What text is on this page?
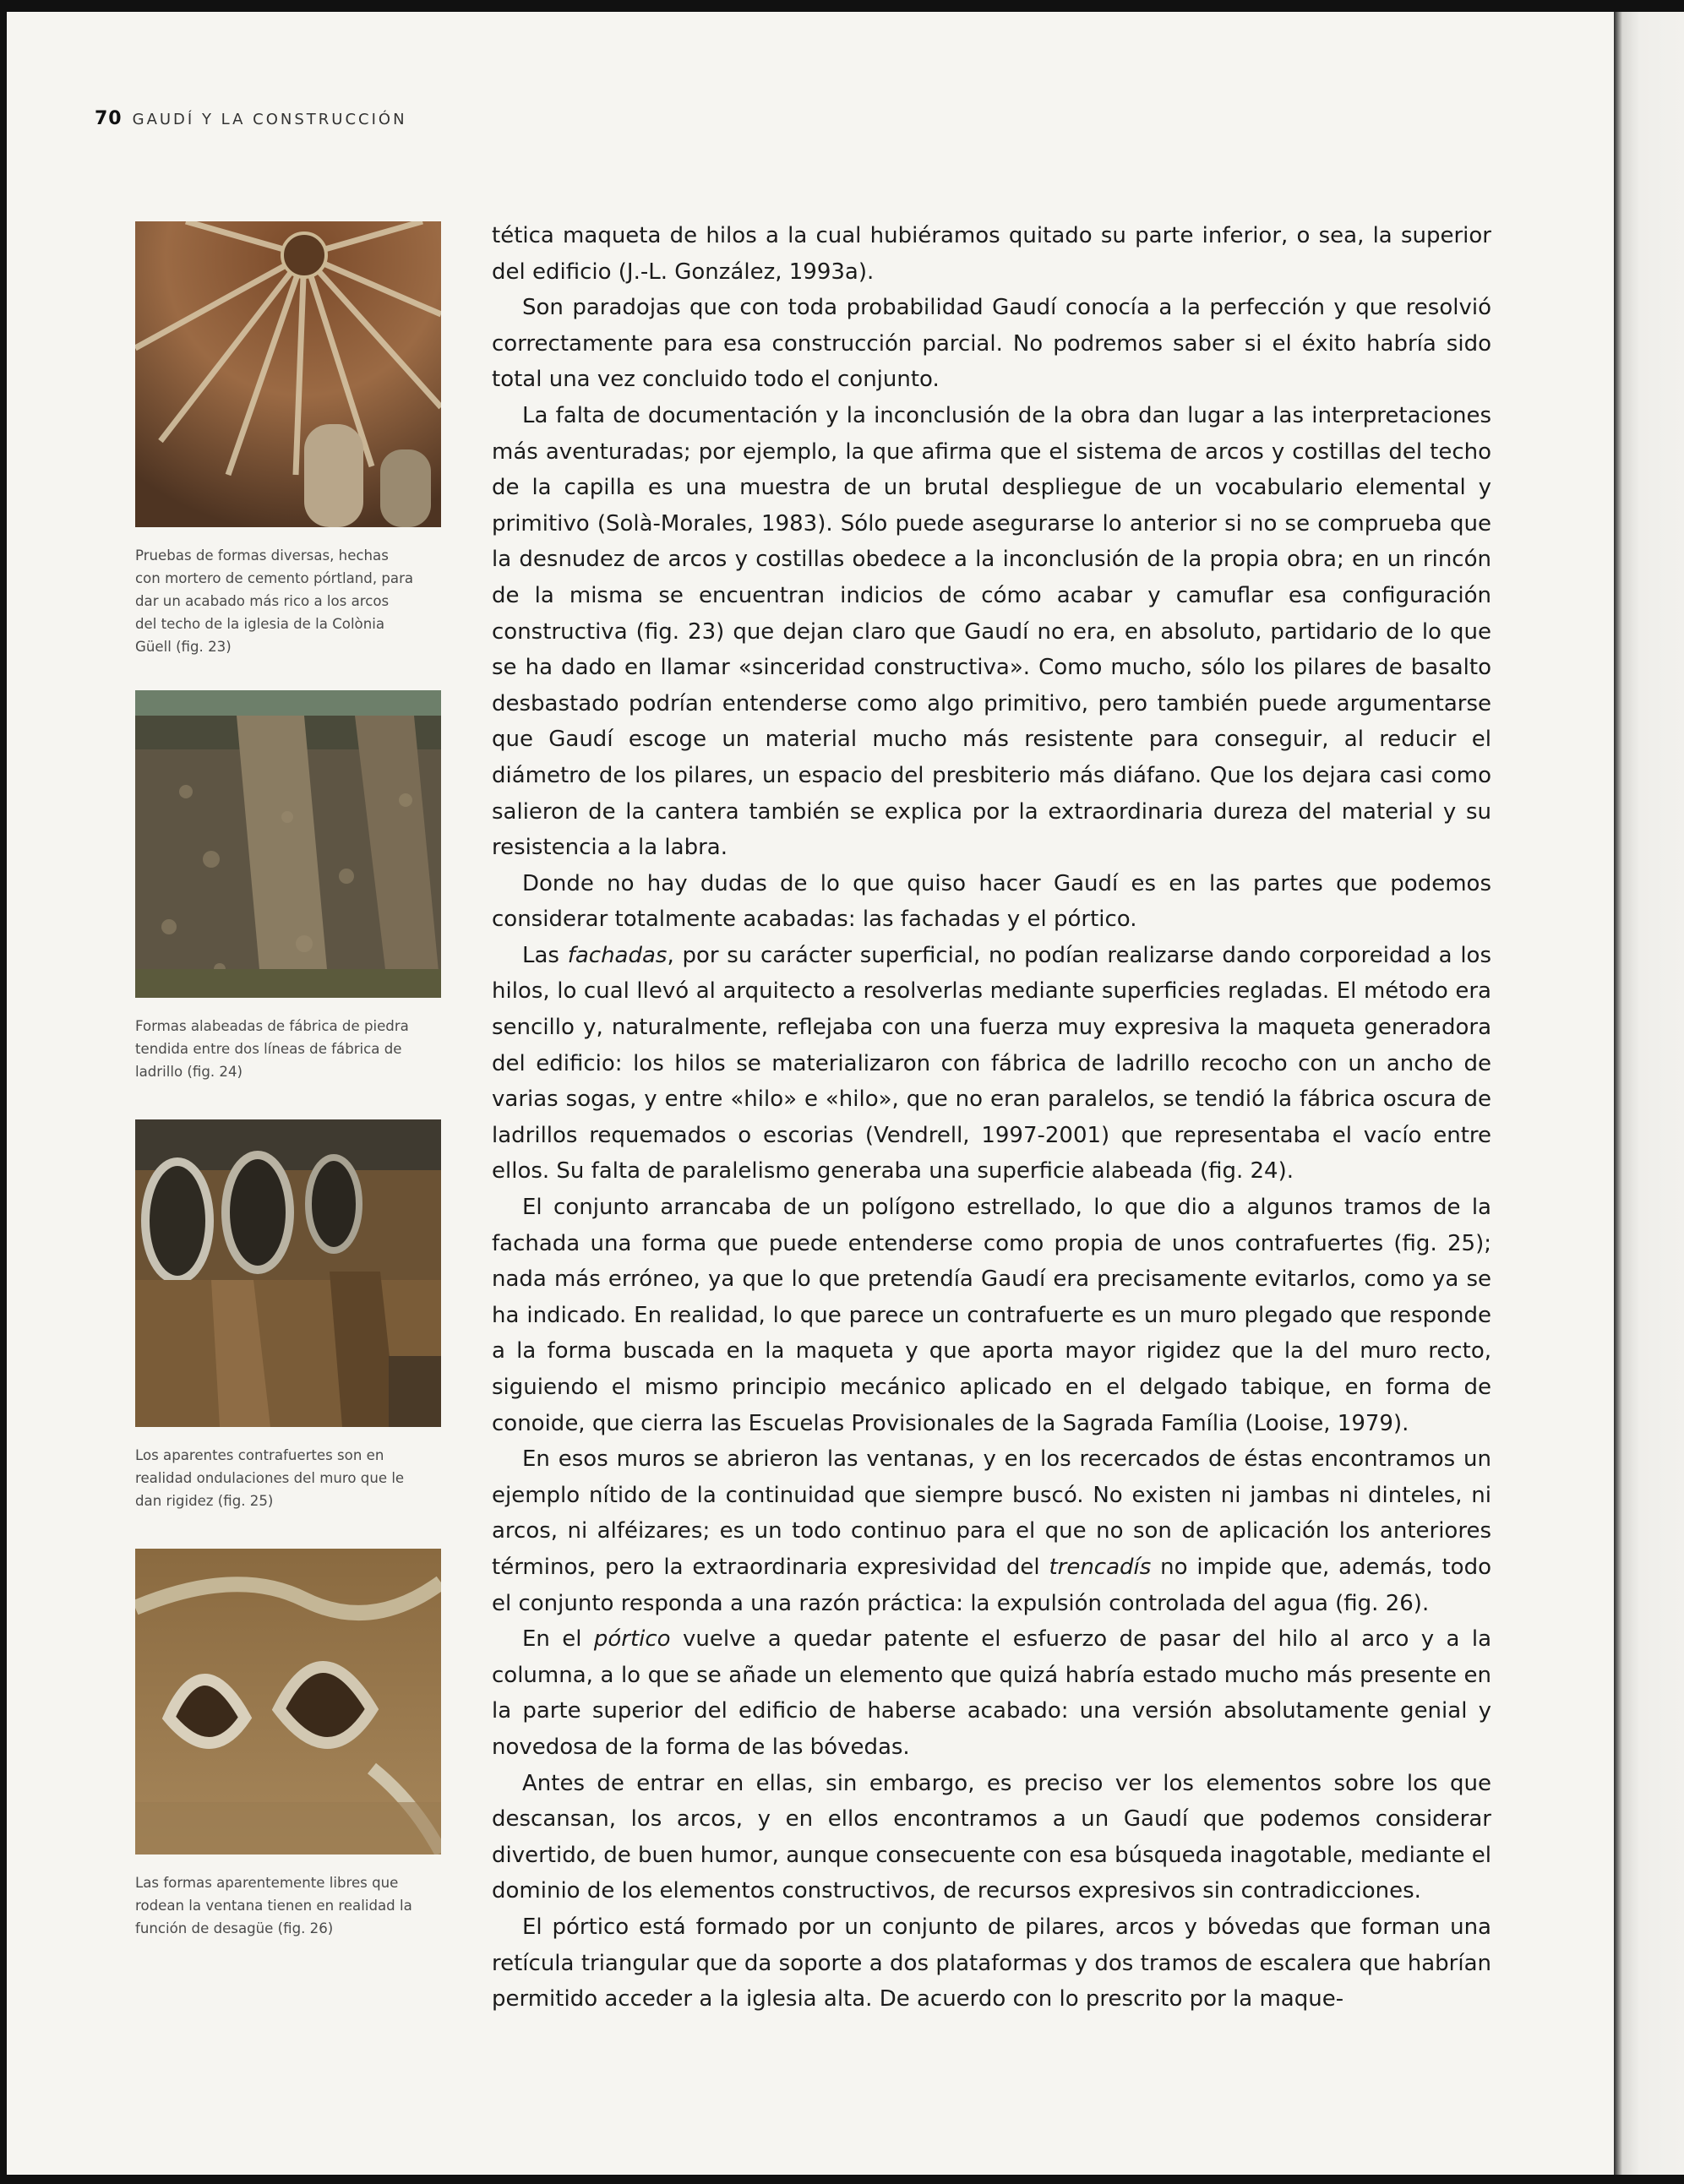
70 GAUDÍ Y LA CONSTRUCCIÓN
Pruebas de formas diversas, hechas con mortero de cemento pórtland, para dar un acabado más rico a los arcos del techo de la iglesia de la Colònia Güell (fig. 23)
Formas alabeadas de fábrica de piedra tendida entre dos líneas de fábrica de ladrillo (fig. 24)
Los aparentes contrafuertes son en realidad ondulaciones del muro que le dan rigidez (fig. 25)
Las formas aparentemente libres que rodean la ventana tienen en realidad la función de desagüe (fig. 26)

tética maqueta de hilos a la cual hubiéramos quitado su parte inferior, o sea, la superior del edificio (J.-L. González, 1993a).

Son paradojas que con toda probabilidad Gaudí conocía a la perfección y que resolvió correctamente para esa construcción parcial. No podremos saber si el éxito habría sido total una vez concluido todo el conjunto.

La falta de documentación y la inconclusión de la obra dan lugar a las interpretaciones más aventuradas; por ejemplo, la que afirma que el sistema de arcos y costillas del techo de la capilla es una muestra de un brutal despliegue de un vocabulario elemental y primitivo (Solà-Morales, 1983). Sólo puede asegurarse lo anterior si no se comprueba que la desnudez de arcos y costillas obedece a la inconclusión de la propia obra; en un rincón de la misma se encuentran indicios de cómo acabar y camuflar esa configuración constructiva (fig. 23) que dejan claro que Gaudí no era, en absoluto, partidario de lo que se ha dado en llamar «sinceridad constructiva». Como mucho, sólo los pilares de basalto desbastado podrían entenderse como algo primitivo, pero también puede argumentarse que Gaudí escoge un material mucho más resistente para conseguir, al reducir el diámetro de los pilares, un espacio del presbiterio más diáfano. Que los dejara casi como salieron de la cantera también se explica por la extraordinaria dureza del material y su resistencia a la labra.

Donde no hay dudas de lo que quiso hacer Gaudí es en las partes que podemos considerar totalmente acabadas: las fachadas y el pórtico.

Las fachadas, por su carácter superficial, no podían realizarse dando corporeidad a los hilos, lo cual llevó al arquitecto a resolverlas mediante superficies regladas. El método era sencillo y, naturalmente, reflejaba con una fuerza muy expresiva la maqueta generadora del edificio: los hilos se materializaron con fábrica de ladrillo recocho con un ancho de varias sogas, y entre «hilo» e «hilo», que no eran paralelos, se tendió la fábrica oscura de ladrillos requemados o escorias (Vendrell, 1997-2001) que representaba el vacío entre ellos. Su falta de paralelismo generaba una superficie alabeada (fig. 24).

El conjunto arrancaba de un polígono estrellado, lo que dio a algunos tramos de la fachada una forma que puede entenderse como propia de unos contrafuertes (fig. 25); nada más erróneo, ya que lo que pretendía Gaudí era precisamente evitarlos, como ya se ha indicado. En realidad, lo que parece un contrafuerte es un muro plegado que responde a la forma buscada en la maqueta y que aporta mayor rigidez que la del muro recto, siguiendo el mismo principio mecánico aplicado en el delgado tabique, en forma de conoide, que cierra las Escuelas Provisionales de la Sagrada Família (Looise, 1979).

En esos muros se abrieron las ventanas, y en los recercados de éstas encontramos un ejemplo nítido de la continuidad que siempre buscó. No existen ni jambas ni dinteles, ni arcos, ni alféizares; es un todo continuo para el que no son de aplicación los anteriores términos, pero la extraordinaria expresividad del trencadís no impide que, además, todo el conjunto responda a una razón práctica: la expulsión controlada del agua (fig. 26).

En el pórtico vuelve a quedar patente el esfuerzo de pasar del hilo al arco y a la columna, a lo que se añade un elemento que quizá habría estado mucho más presente en la parte superior del edificio de haberse acabado: una versión absolutamente genial y novedosa de la forma de las bóvedas.

Antes de entrar en ellas, sin embargo, es preciso ver los elementos sobre los que descansan, los arcos, y en ellos encontramos a un Gaudí que podemos considerar divertido, de buen humor, aunque consecuente con esa búsqueda inagotable, mediante el dominio de los elementos constructivos, de recursos expresivos sin contradicciones.

El pórtico está formado por un conjunto de pilares, arcos y bóvedas que forman una retícula triangular que da soporte a dos plataformas y dos tramos de escalera que habrían permitido acceder a la iglesia alta. De acuerdo con lo prescrito por la maque-
